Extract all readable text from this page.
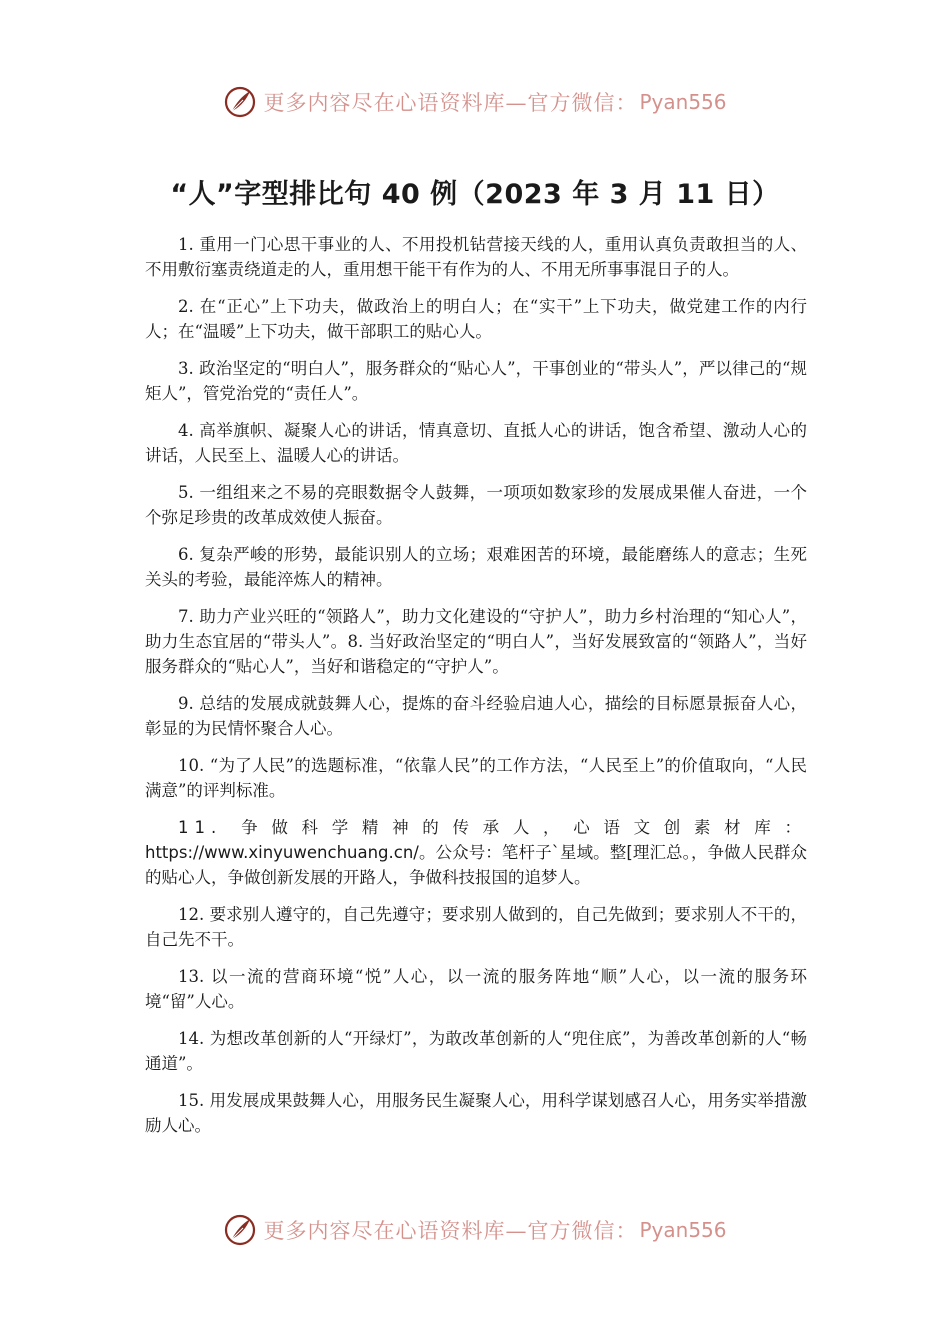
更多内容尽在心语资料库—官方微信： Pyan556
“人”字型排比句 40 例（2023 年 3 月 11 日）

1. 重用一门心思干事业的人、不用投机钻营接天线的人，重用认真负责敢担当的人、不用敷衍塞责绕道走的人，重用想干能干有作为的人、不用无所事事混日子的人。

2. 在“正心”上下功夫，做政治上的明白人；在“实干”上下功夫，做党建工作的内行人；在“温暖”上下功夫，做干部职工的贴心人。

3. 政治坚定的“明白人”，服务群众的“贴心人”，干事创业的“带头人”，严以律己的“规矩人”，管党治党的“责任人”。

4. 高举旗帜、凝聚人心的讲话，情真意切、直抵人心的讲话，饱含希望、激动人心的讲话，人民至上、温暖人心的讲话。

5. 一组组来之不易的亮眼数据令人鼓舞，一项项如数家珍的发展成果催人奋进，一个个弥足珍贵的改革成效使人振奋。

6. 复杂严峻的形势，最能识别人的立场；艰难困苦的环境，最能磨练人的意志；生死关头的考验，最能淬炼人的精神。

7. 助力产业兴旺的“领路人”，助力文化建设的“守护人”，助力乡村治理的“知心人”，助力生态宜居的“带头人”。8. 当好政治坚定的“明白人”，当好发展致富的“领路人”，当好服务群众的“贴心人”，当好和谐稳定的“守护人”。

9. 总结的发展成就鼓舞人心，提炼的奋斗经验启迪人心，描绘的目标愿景振奋人心，彰显的为民情怀聚合人心。

10. “为了人民”的选题标准，“依靠人民”的工作方法，“人民至上”的价值取向，“人民满意”的评判标准。

11. 争做科学精神的传承人，心语文创素材库：https://www.xinyuwenchuang.cn/。公众号：笔杆子`星域。整[理汇总。，争做人民群众的贴心人，争做创新发展的开路人，争做科技报国的追梦人。

12. 要求别人遵守的，自己先遵守；要求别人做到的，自己先做到；要求别人不干的，自己先不干。

13. 以一流的营商环境“悦”人心，以一流的服务阵地“顺”人心，以一流的服务环境“留”人心。

14. 为想改革创新的人“开绿灯”，为敢改革创新的人“兜住底”，为善改革创新的人“畅通道”。

15. 用发展成果鼓舞人心，用服务民生凝聚人心，用科学谋划感召人心，用务实举措激励人心。

更多内容尽在心语资料库—官方微信： Pyan556
